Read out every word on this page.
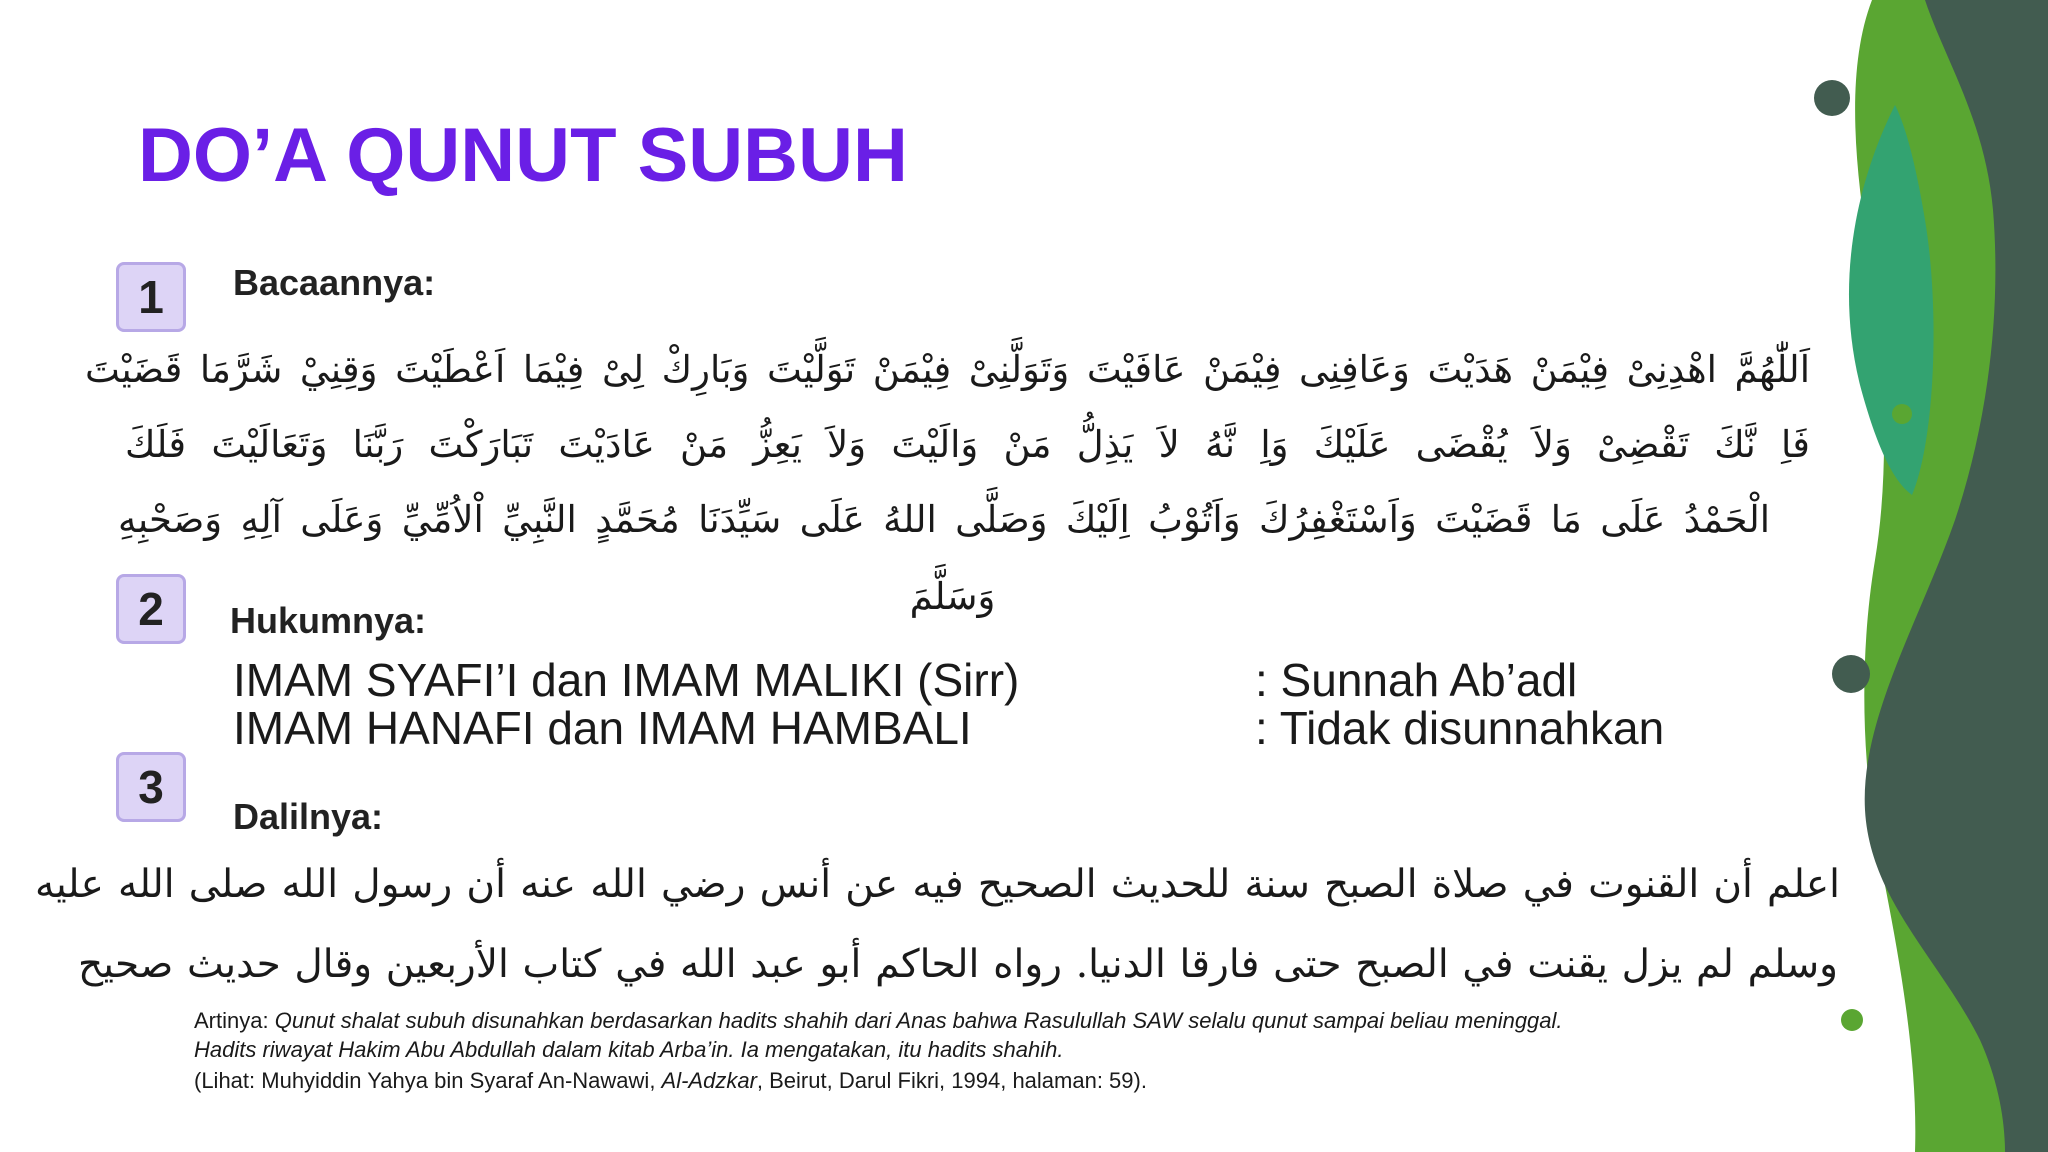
DO’A QUNUT SUBUH
1	Bacaannya:
اَللّٰهُمَّ اهْدِنِىْ فِيْمَنْ هَدَيْتَ وَعَافِنِى فِيْمَنْ عَافَيْتَ وَتَوَلَّنِىْ فِيْمَنْ تَوَلَّيْتَ وَبَارِكْ لِىْ فِيْمَا اَعْطَيْتَ وَقِنِيْ شَرَّمَا قَضَيْتَ
فَاِ نَّكَ تَقْضِىْ وَلاَ يُقْضَى عَلَيْكَ وَاِ نَّهُ لاَ يَذِلُّ مَنْ وَالَيْتَ وَلاَ يَعِزُّ مَنْ عَادَيْتَ تَبَارَكْتَ رَبَّنَا وَتَعَالَيْتَ فَلَكَ
الْحَمْدُ عَلَى مَا قَضَيْتَ وَاَسْتَغْفِرُكَ وَاَتُوْبُ اِلَيْكَ وَصَلَّى اللهُ عَلَى سَيِّدَنَا مُحَمَّدٍ النَّبِيِّ اْلاُمِّيِّ وَعَلَى آلِهِ وَصَحْبِهِ
وَسَلَّمَ
2	Hukumnya:
IMAM SYAFI’I dan IMAM MALIKI (Sirr)	: Sunnah Ab’adl
IMAM HANAFI dan IMAM HAMBALI	: Tidak disunnahkan
3
Dalilnya:
اعلم أن القنوت في صلاة الصبح سنة للحديث الصحيح فيه عن أنس رضي الله عنه أن رسول الله صلى الله عليه
وسلم لم يزل يقنت في الصبح حتى فارقا الدنيا. رواه الحاكم أبو عبد الله في كتاب الأربعين وقال حديث صحيح
Artinya: Qunut shalat subuh disunahkan berdasarkan hadits shahih dari Anas bahwa Rasulullah SAW selalu qunut sampai beliau meninggal.
Hadits riwayat Hakim Abu Abdullah dalam kitab Arba’in. Ia mengatakan, itu hadits shahih.
(Lihat: Muhyiddin Yahya bin Syaraf An-Nawawi, Al-Adzkar, Beirut, Darul Fikri, 1994, halaman: 59).
